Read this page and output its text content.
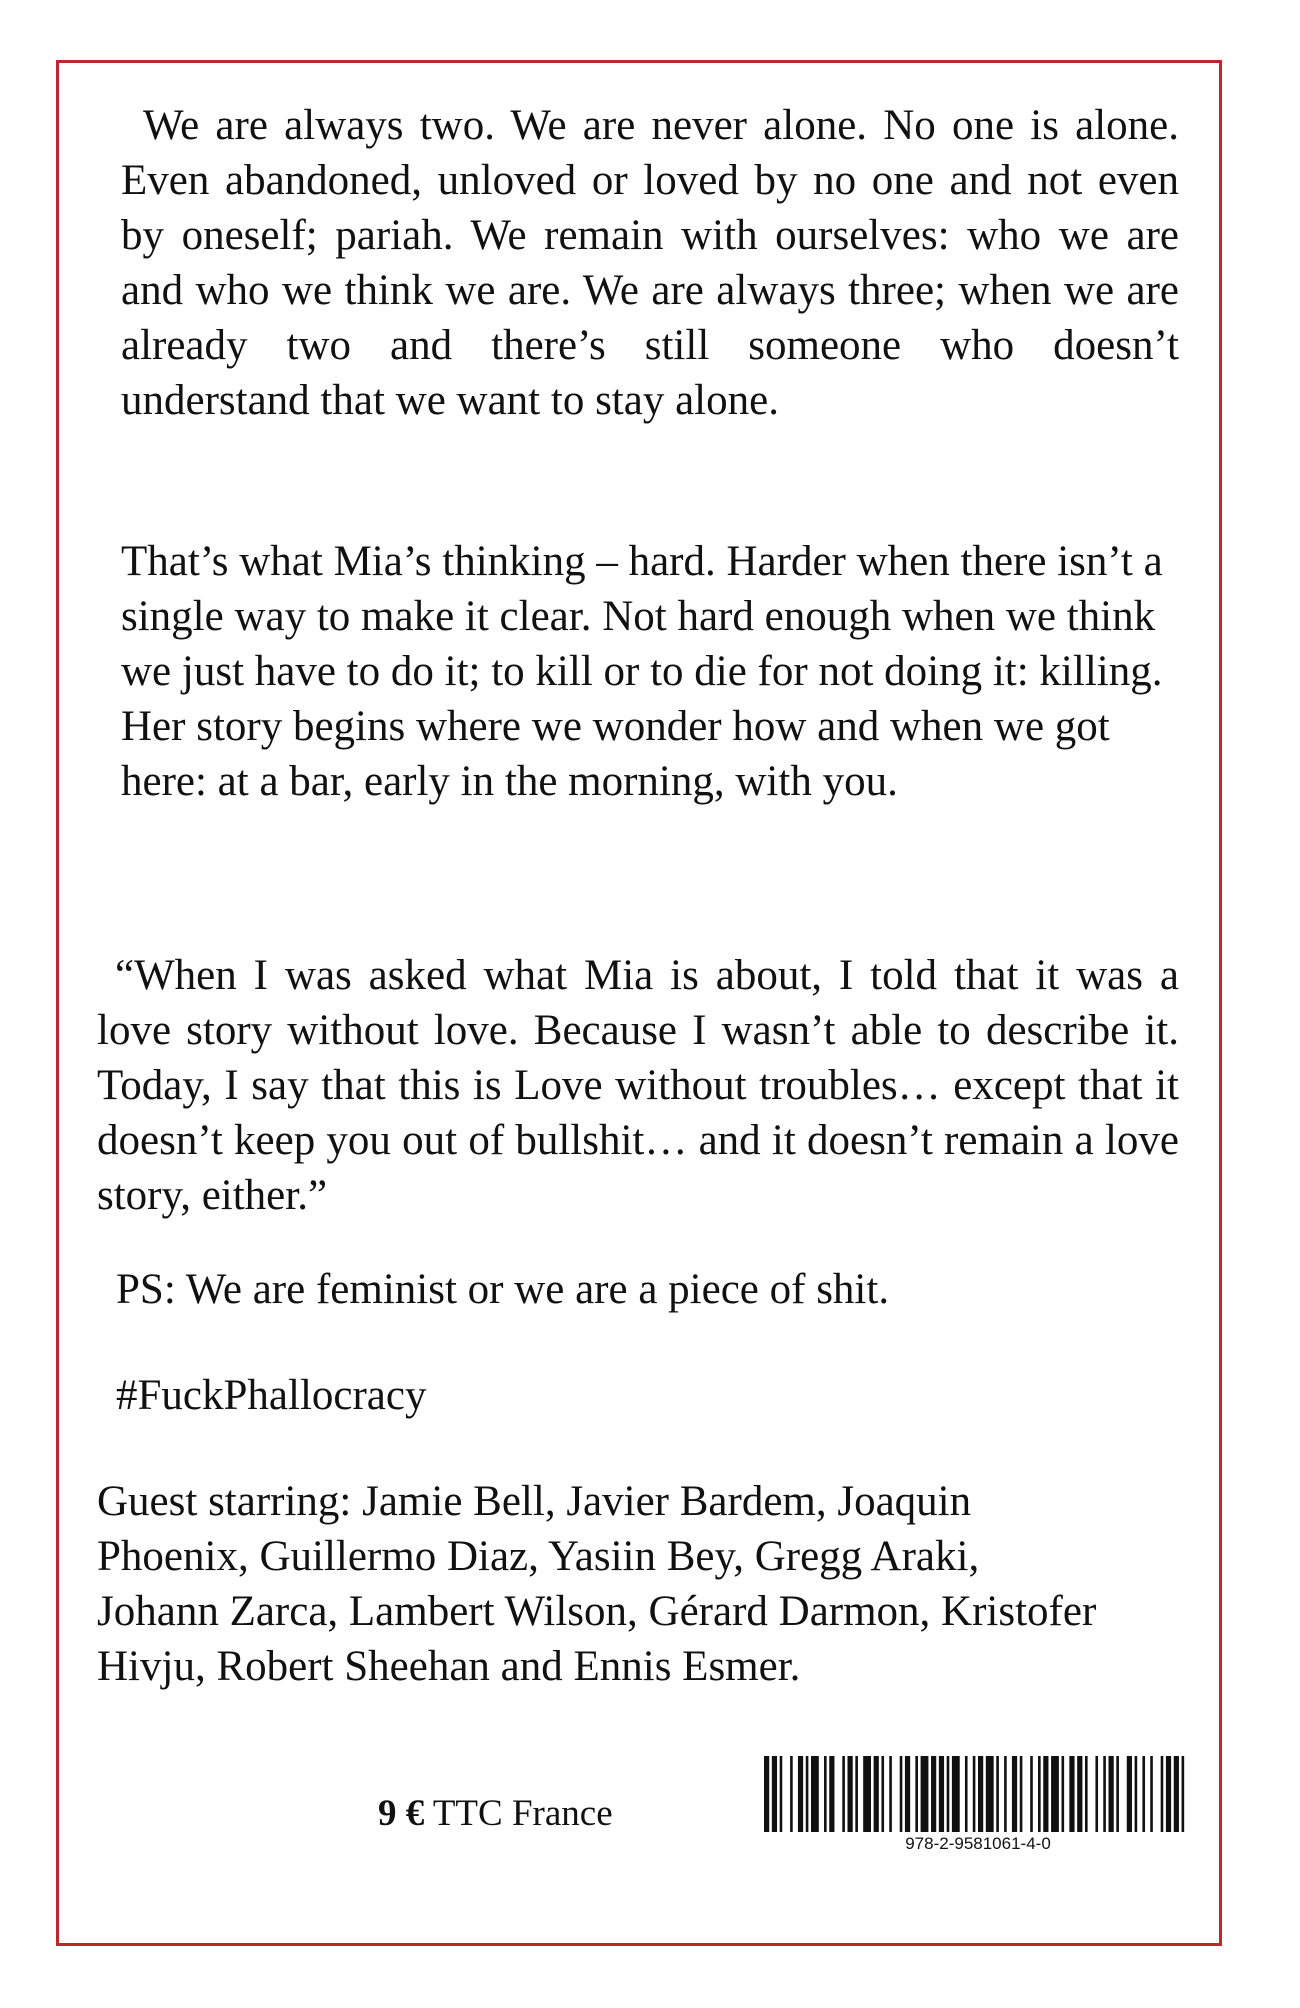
We are always two. We are never alone. No one is alone. Even abandoned, unloved or loved by no one and not even by oneself; pariah. We remain with ourselves: who we are and who we think we are. We are always three; when we are already two and there’s still someone who doesn’t understand that we want to stay alone.

That’s what Mia’s thinking – hard. Harder when there isn’t a single way to make it clear. Not hard enough when we think we just have to do it; to kill or to die for not doing it: killing. Her story begins where we wonder how and when we got here: at a bar, early in the morning, with you.

“When I was asked what Mia is about, I told that it was a love story without love. Because I wasn’t able to describe it. Today, I say that this is Love without troubles… except that it doesn’t keep you out of bullshit… and it doesn’t remain a love story, either.”

PS: We are feminist or we are a piece of shit.

#FuckPhallocracy

Guest starring: Jamie Bell, Javier Bardem, Joaquin Phoenix, Guillermo Diaz, Yasiin Bey, Gregg Araki, Johann Zarca, Lambert Wilson, Gérard Darmon, Kristofer Hivju, Robert Sheehan and Ennis Esmer.

9 € TTC France
978-2-9581061-4-0
